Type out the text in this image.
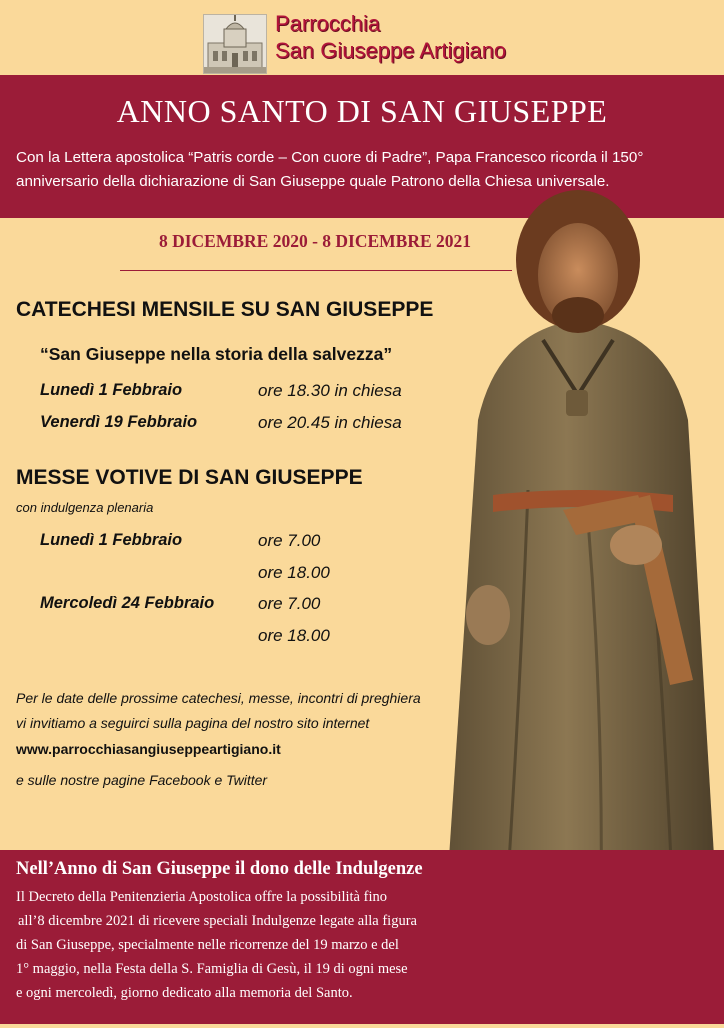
Parrocchia
San Giuseppe Artigiano
ANNO SANTO DI SAN GIUSEPPE
Con la Lettera apostolica “Patris corde – Con cuore di Padre”, Papa Francesco ricorda il 150°
anniversario della dichiarazione di San Giuseppe quale Patrono della Chiesa universale.
8 DICEMBRE 2020 - 8 DICEMBRE 2021
CATECHESI MENSILE SU SAN GIUSEPPE
“San Giuseppe nella storia della salvezza”
Lunedì 1 Febbraio	ore 18.30 in chiesa
Venerdì 19 Febbraio	ore 20.45 in chiesa
MESSE VOTIVE DI SAN GIUSEPPE
con indulgenza plenaria
Lunedì 1 Febbraio	ore 7.00
ore 18.00
Mercoledì 24 Febbraio	ore 7.00
ore 18.00
Per le date delle prossime catechesi, messe, incontri di preghiera
vi invitiamo a seguirci sulla pagina del nostro sito internet
www.parrocchiasangiuseppeartigiano.it
e sulle nostre pagine Facebook e Twitter
Nell’Anno di San Giuseppe il dono delle Indulgenze
Il Decreto della Penitenzieria Apostolica offre la possibilità fino
all’8 dicembre 2021 di ricevere speciali Indulgenze legate alla figura
di San Giuseppe, specialmente nelle ricorrenze del 19 marzo e del
1° maggio, nella Festa della S. Famiglia di Gesù, il 19 di ogni mese
e ogni mercoledì, giorno dedicato alla memoria del Santo.
